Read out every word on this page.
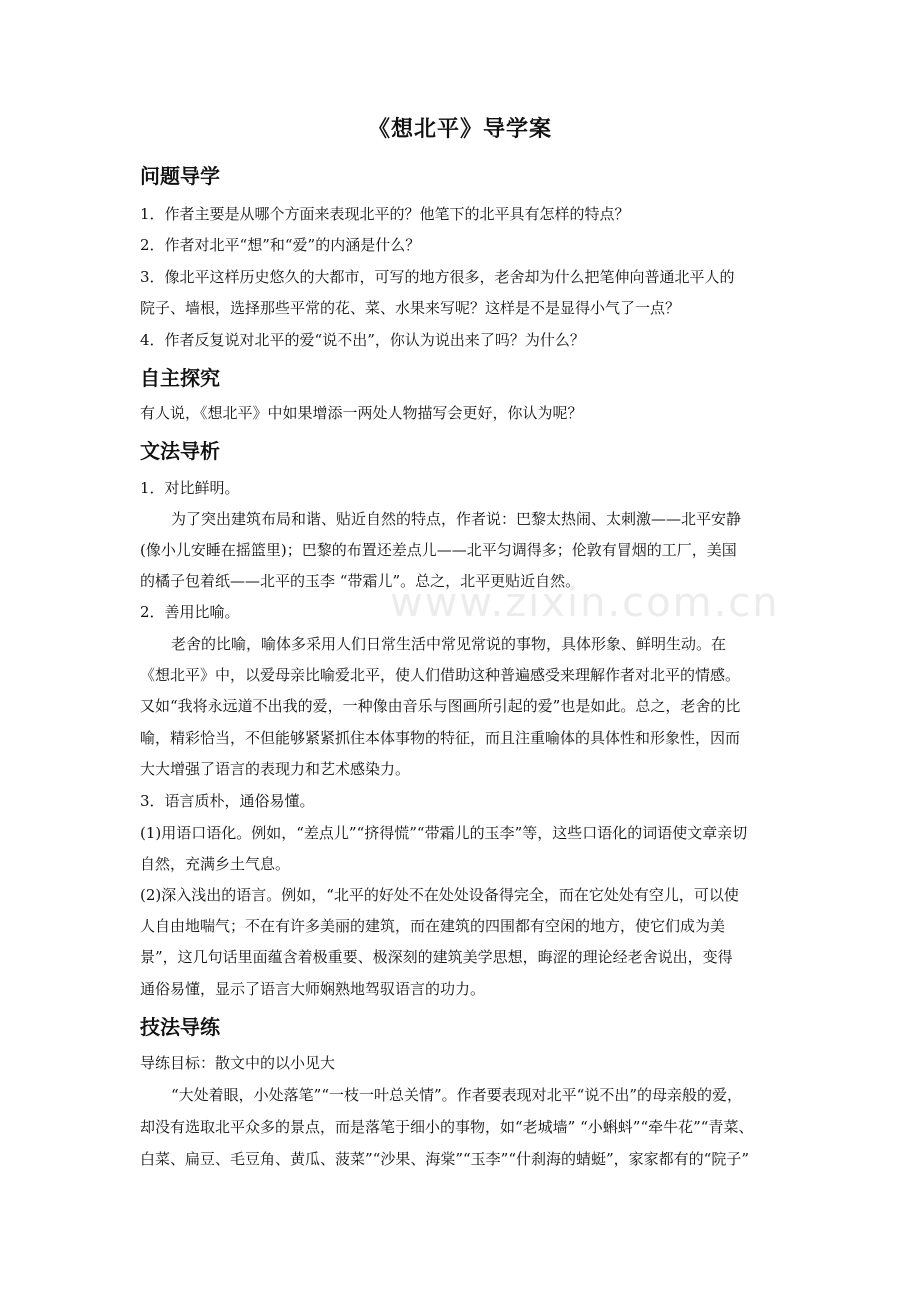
www.zixin.com.cn
《想北平》导学案
问题导学
1．作者主要是从哪个方面来表现北平的？他笔下的北平具有怎样的特点？
2．作者对北平“想”和“爱”的内涵是什么？
3．像北平这样历史悠久的大都市，可写的地方很多，老舍却为什么把笔伸向普通北平人的
院子、墙根，选择那些平常的花、菜、水果来写呢？这样是不是显得小气了一点？
4．作者反复说对北平的爱“说不出”，你认为说出来了吗？为什么？
自主探究
有人说，《想北平》中如果增添一两处人物描写会更好，你认为呢？
文法导析
1．对比鲜明。
为了突出建筑布局和谐、贴近自然的特点，作者说：巴黎太热闹、太刺激——北平安静
(像小儿安睡在摇篮里)；巴黎的布置还差点儿——北平匀调得多；伦敦有冒烟的工厂，美国
的橘子包着纸——北平的玉李 “带霜儿”。总之，北平更贴近自然。
2．善用比喻。
老舍的比喻，喻体多采用人们日常生活中常见常说的事物，具体形象、鲜明生动。在
《想北平》中，以爱母亲比喻爱北平，使人们借助这种普遍感受来理解作者对北平的情感。
又如“我将永远道不出我的爱，一种像由音乐与图画所引起的爱”也是如此。总之，老舍的比
喻，精彩恰当，不但能够紧紧抓住本体事物的特征，而且注重喻体的具体性和形象性，因而
大大增强了语言的表现力和艺术感染力。
3．语言质朴，通俗易懂。
(1)用语口语化。例如，“差点儿”“挤得慌”“带霜儿的玉李”等，这些口语化的词语使文章亲切
自然，充满乡土气息。
(2)深入浅出的语言。例如，“北平的好处不在处处设备得完全，而在它处处有空儿，可以使
人自由地喘气；不在有许多美丽的建筑，而在建筑的四围都有空闲的地方，使它们成为美
景”，这几句话里面蕴含着极重要、极深刻的建筑美学思想，晦涩的理论经老舍说出，变得
通俗易懂，显示了语言大师娴熟地驾驭语言的功力。
技法导练
导练目标：散文中的以小见大
“大处着眼，小处落笔”“一枝一叶总关情”。作者要表现对北平“说不出”的母亲般的爱，
却没有选取北平众多的景点，而是落笔于细小的事物，如“老城墙” “小蝌蚪”“牵牛花”“青菜、
白菜、扁豆、毛豆角、黄瓜、菠菜”“沙果、海棠”“玉李”“什刹海的蜻蜓”，家家都有的“院子”
